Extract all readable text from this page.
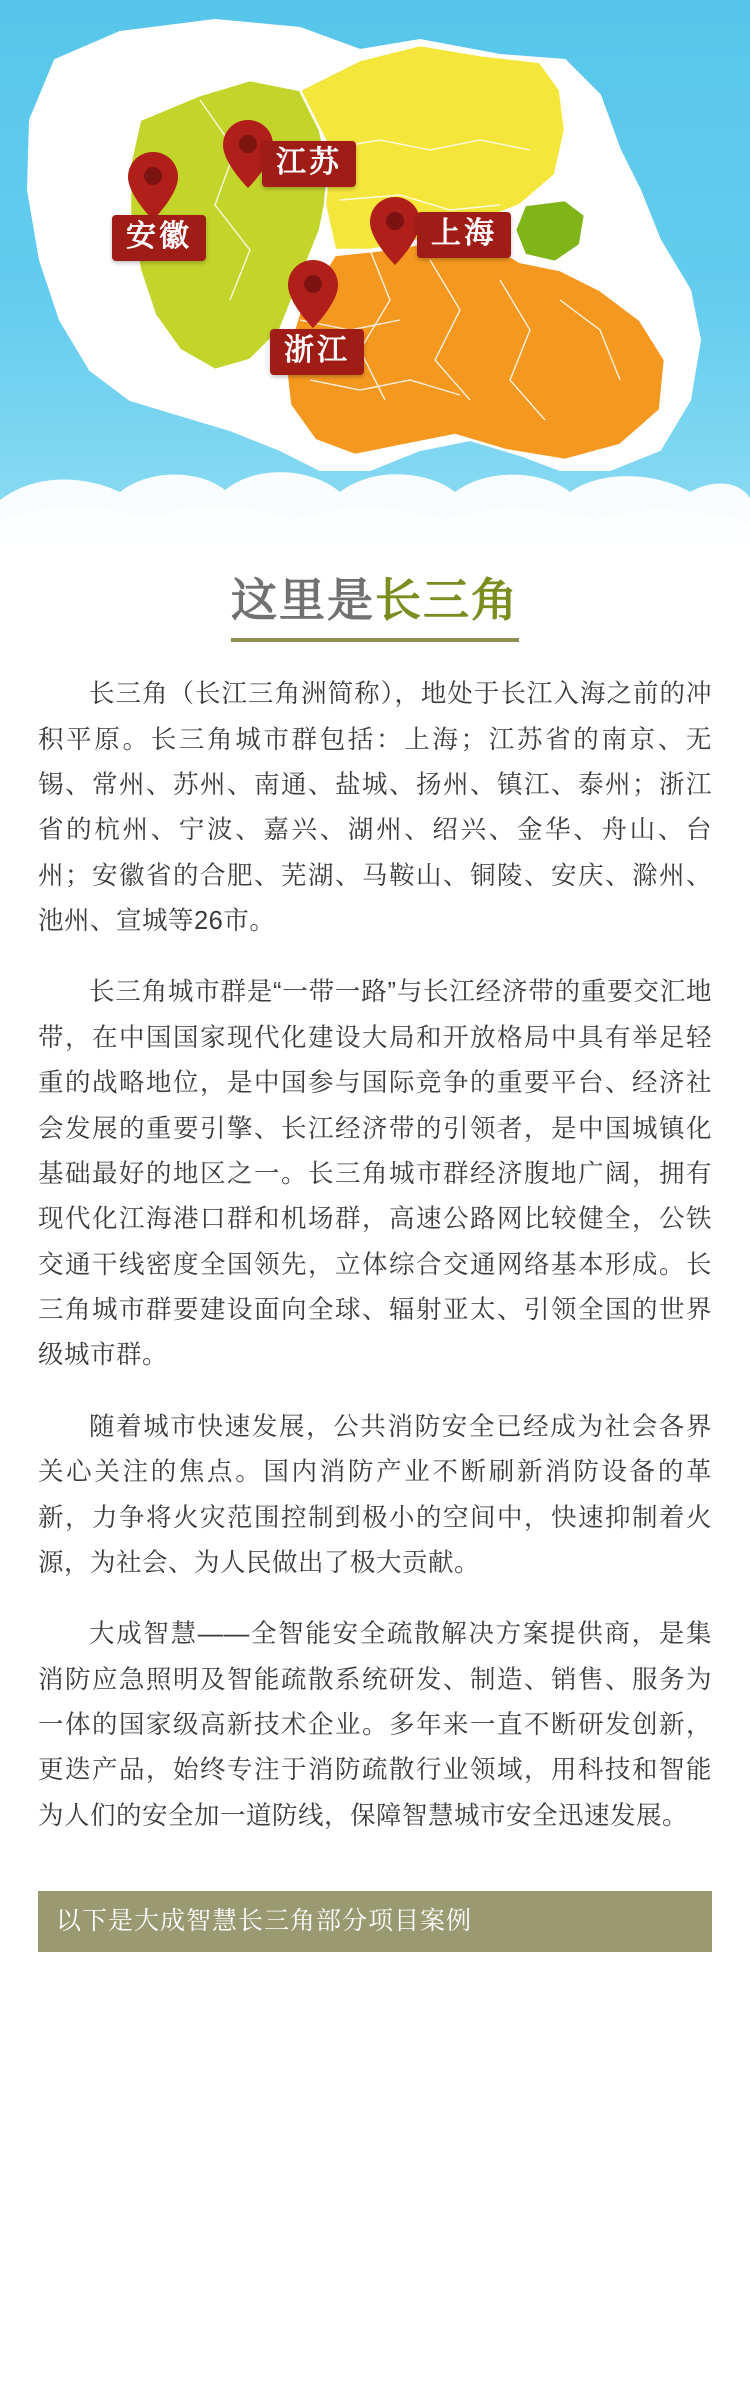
江苏
安徽	上海
浙江
这里是长三角

长三角（长江三角洲简称），地处于长江入海之前的冲积平原。长三角城市群包括：上海；江苏省的南京、无锡、常州、苏州、南通、盐城、扬州、镇江、泰州；浙江省的杭州、宁波、嘉兴、湖州、绍兴、金华、舟山、台州；安徽省的合肥、芜湖、马鞍山、铜陵、安庆、滁州、池州、宣城等26市。

长三角城市群是“一带一路”与长江经济带的重要交汇地带，在中国国家现代化建设大局和开放格局中具有举足轻重的战略地位，是中国参与国际竞争的重要平台、经济社会发展的重要引擎、长江经济带的引领者，是中国城镇化基础最好的地区之一。长三角城市群经济腹地广阔，拥有现代化江海港口群和机场群，高速公路网比较健全，公铁交通干线密度全国领先，立体综合交通网络基本形成。长三角城市群要建设面向全球、辐射亚太、引领全国的世界级城市群。

随着城市快速发展，公共消防安全已经成为社会各界关心关注的焦点。国内消防产业不断刷新消防设备的革新，力争将火灾范围控制到极小的空间中，快速抑制着火源，为社会、为人民做出了极大贡献。

大成智慧——全智能安全疏散解决方案提供商，是集消防应急照明及智能疏散系统研发、制造、销售、服务为一体的国家级高新技术企业。多年来一直不断研发创新，更迭产品，始终专注于消防疏散行业领域，用科技和智能为人们的安全加一道防线，保障智慧城市安全迅速发展。

以下是大成智慧长三角部分项目案例
